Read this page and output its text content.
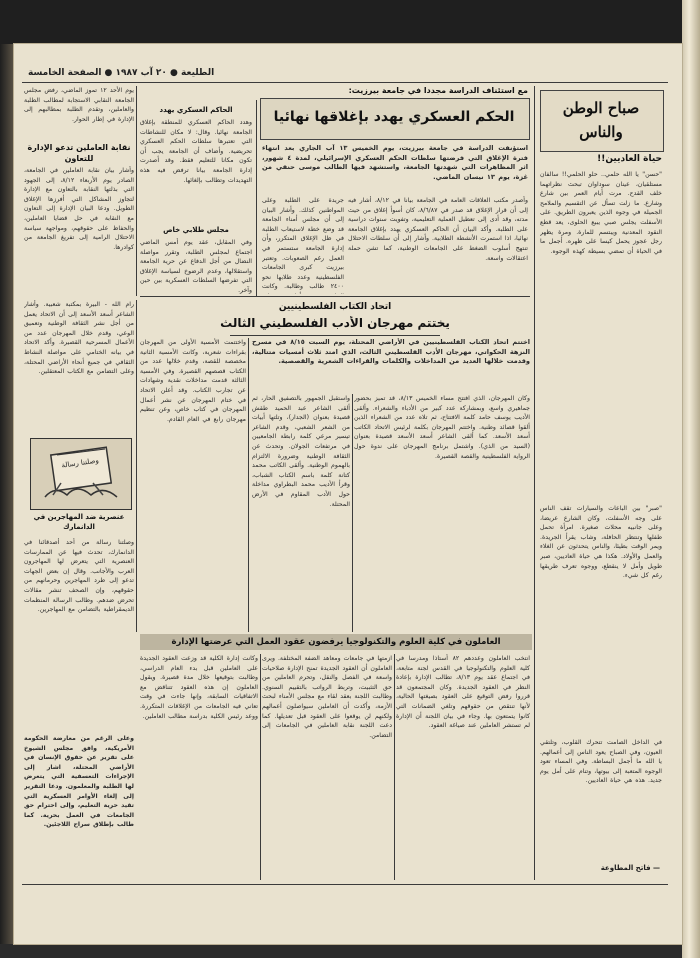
الطليعة ● ٢٠ آب ١٩٨٧ ● الصفحة الخامسة
يوم الأحد ١٢ تموز الماضي، رفض مجلس الجامعة النقابي الاستجابة لمطالب الطلبة والعاملين، وتقدم الطلبة بمطالبهم إلى الإدارة في إطار الحوار.
نقابة العاملين تدعو الإدارة للتعاون
وأشار بيان نقابة العاملين في الجامعة، الصادر يوم الأربعاء ٨/١٢، إلى الجهود التي بذلتها النقابة بالتعاون مع الإدارة لتجاوز المشاكل التي أفرزها الإغلاق الطويل. ودعا البيان الإدارة إلى التعاون مع النقابة في حل قضايا العاملين، والحفاظ على حقوقهم، ومواجهة سياسة الاحتلال الرامية إلى تفريغ الجامعة من كوادرها.
مع استئناف الدراسة مجددا في جامعة بيرزيت:
الحكم العسكري يهدد بإغلاقها نهائيا
استؤنفت الدراسة في جامعة بيرزيت، يوم الخميس ١٣ آب الجاري بعد انتهاء فترة الإغلاق التي فرضتها سلطات الحكم العسكري الإسرائيلي، لمدة ٤ شهور، اثر المظاهرات التي شهدتها الجامعة، واستشهد فيها الطالب موسى حنفي من غزة، يوم ١٣ نيسان الماضي.
وأصدر مكتب العلاقات العامة في الجامعة بيانا في ٨/١٢، أشار فيه إلى أن قرار الإغلاق قد صدر في ٨/٦/٨٧، كان أسوأ إغلاق من حيث مدته، وقد أدى إلى تعطيل العملية التعليمية، وتفويت سنوات دراسية على الطلبة. وأكد البيان أن الحاكم العسكري يهدد بإغلاق الجامعة نهائيا، اذا استمرت الأنشطة الطلابية. وأشار إلى أن سلطات الاحتلال تنتهج أسلوب الضغط على الجامعات الوطنية، كما تشن حملة اعتقالات واسعة.
جريدة على الطلبة وعلى المواطنين كذلك. وأشار البيان إلى أن مجلس أمناء الجامعة قد وضع خطة لاستيعاب الطلبة في ظل الإغلاق المتكرر، وأن إدارة الجامعة ستستمر في العمل رغم الصعوبات. وتعتبر بيرزيت كبرى الجامعات الفلسطينية وعدد طلابها نحو ٢٤٠٠ طالب وطالبة. وكانت
الحاكم العسكري يهدد
وهدد الحاكم العسكري للمنطقة بإغلاق الجامعة نهائيا. وقال: لا مكان للنشاطات التي تعتبرها سلطات الحكم العسكري تحريضية. وأضاف أن الجامعة يجب أن تكون مكانا للتعليم فقط. وقد أصدرت إدارة الجامعة بيانا ترفض فيه هذه التهديدات وتطالب بإلغائها.
مجلس طلابي خاص
وفي المقابل، عقد يوم أمس الماضي اجتماع لمجلس الطلبة، وتقرر مواصلة النضال من أجل الدفاع عن حرية الجامعة واستقلالها، وعدم الرضوخ لسياسة الإغلاق التي تفرضها السلطات العسكرية بين حين وآخر.
اتحاد الكتاب الفلسطينيين
يختتم مهرجان الأدب الفلسطيني الثالث
اختتم اتحاد الكتاب الفلسطينيين في الأراضي المحتلة، يوم السبت ٨/١٥ في مسرح النزهة الحكواتي، مهرجان الأدب الفلسطيني الثالث، الذي امتد ثلاث أمسيات متتالية، وقدمت خلالها العديد من المداخلات والكلمات والقراءات الشعرية والقصصية.
وكان المهرجان، الذي افتتح مساء الخميس ٨/١٣، قد تميز بحضور جماهيري واسع، وبمشاركة عدد كبير من الأدباء والشعراء. وألقى الأديب يوسف حامد كلمة الافتتاح، ثم تلاه عدد من الشعراء الذين ألقوا قصائد وطنية. واختتم المهرجان بكلمة لرئيس الاتحاد الكاتب أسعد الأسعد. كما ألقى الشاعر أسعد الأسعد قصيدة بعنوان (السيد من الذي). واشتمل برنامج المهرجان على ندوة حول الرواية الفلسطينية والقصة القصيرة.
واستقبل الجمهور بالتصفيق الحار، ثم ألقى الشاعر عبد الحميد طقش قصيدة بعنوان (الجدار)، وتلتها أبيات من الشعر الشعبي، وقدم الشاعر تيسير مرعي كلمة رابطة الجامعيين في مرتفعات الجولان. وتحدث عن الثقافة الوطنية وضرورة الالتزام بالهموم الوطنية. وألقى الكاتب محمد كتانة كلمة باسم الكتاب الشباب، وقرأ الأديب محمد البطراوي مداخلة حول الأدب المقاوم في الأرض المحتلة.
واختتمت الأمسية الأولى من المهرجان بقراءات شعرية، وكانت الأمسية الثانية مخصصة للقصة، وقدم خلالها عدد من الكتاب قصصهم القصيرة. وفي الأمسية الثالثة قدمت مداخلات نقدية وشهادات عن تجارب الكتاب. وقد أعلن الاتحاد في ختام المهرجان عن نشر أعمال المهرجان في كتاب خاص، وعن تنظيم مهرجان رابع في العام القادم.
رام الله - البيرة بمكتبة شعبية. وأشار الشاعر أسعد الأسعد إلى أن الاتحاد يعمل من أجل نشر الثقافة الوطنية وتعميق الوعي، وقدم خلال المهرجان عدد من الأعمال المسرحية القصيرة. وأكد الاتحاد في بيانه الختامي على مواصلة النشاط الثقافي في جميع أنحاء الأراضي المحتلة، وعلى التضامن مع الكتاب المعتقلين.
وصلتنا رسالة
عنصرية ضد المهاجرين في الدانمارك
وصلتنا رسالة من أحد أصدقائنا في الدانمارك، تحدث فيها عن الممارسات العنصرية التي يتعرض لها المهاجرون العرب والأجانب. وقال إن بعض الجهات تدعو إلى طرد المهاجرين وحرمانهم من حقوقهم، وإن الصحف تنشر مقالات تحرض ضدهم. وطالب الرسالة المنظمات الديمقراطية بالتضامن مع المهاجرين.
العاملون في كلية العلوم والتكنولوجيا يرفضون عقود العمل التي عرضتها الإدارة
انتخب العاملون وعددهم ٨٢ أستاذا ومدرسا في كلية العلوم والتكنولوجيا في القدس لجنة متابعة، في اجتماع عقد يوم ٨/١٣، تطالب الإدارة بإعادة النظر في العقود الجديدة. وكان المجتمعون قد قرروا رفض التوقيع على العقود بصيغتها الحالية، لأنها تنتقص من حقوقهم وتلغي الضمانات التي كانوا يتمتعون بها. وجاء في بيان اللجنة أن الإدارة لم تستشر العاملين عند صياغة العقود.
ازمتها في جامعات ومعاهد الضفة المختلفة. ويرى العاملون أن العقود الجديدة تمنح الإدارة صلاحيات واسعة في الفصل والنقل، وتحرم العاملين من حق التثبيت، وتربط الرواتب بالتقييم السنوي. وطالبت اللجنة بعقد لقاء مع مجلس الأمناء لبحث الأزمة، وأكدت أن العاملين سيواصلون أعمالهم ولكنهم لن يوقعوا على العقود قبل تعديلها. كما دعت اللجنة نقابة العاملين في الجامعات إلى التضامن.
وكانت إدارة الكلية قد وزعت العقود الجديدة على العاملين قبل بدء العام الدراسي، وطالبت بتوقيعها خلال مدة قصيرة. ويقول العاملون إن هذه العقود تتناقض مع الاتفاقيات السابقة، وإنها جاءت في وقت تعاني فيه الجامعات من الإغلاقات المتكررة. ووعد رئيس الكلية بدراسة مطالب العاملين.
وعلى الرغم من معارضة الحكومة الأمريكية، وافق مجلس الشيوخ على تقرير عن حقوق الإنسان في الأراضي المحتلة، اشار إلى الإجراءات التعسفية التي يتعرض لها الطلبة والمعلمون. ودعا التقرير إلى إلغاء الأوامر العسكرية التي تقيد حرية التعليم، وإلى احترام حق الجامعات في العمل بحرية. كما طالب بإطلاق سراح اللاجئين.
صباح الوطن والناس
حياة العاديين!!
"حسن" يا الله حلمي.. حلو الحلمي!! سالفان مستلقيان، عينان سوداوان تبحث نظراتهما خلف القدح. مرت أيام العمر بين شارع وشارع. ما زلت تسأل عن التقسيم والملامح الجميلة في وجوه الذين يعبرون الطريق. على الأسفلت يجلس صبي يبيع الحلوى، يعد قطع النقود المعدنية ويبتسم للمارة. ومرة يظهر رجل عجوز يحمل كيسا على ظهره. أجمل ما في الحياة أن تمضي بسيطة كهذه الوجوه.
"صبر" بين الباعات والسيارات تقف الناس على وجه الأسفلت، وكان الشارع عريضا، وعلى جانبيه محلات صغيرة. امرأة تحمل طفلها وتنتظر الحافلة، وشاب يقرأ الجريدة. ويمر الوقت بطيئا، والناس يتحدثون عن الغلاء والعمل والأولاد. هكذا هي حياة العاديين، صبر طويل وأمل لا ينقطع، ووجوه تعرف طريقها رغم كل شيء.
في الداخل الصامت تتحرك القلوب، وتلتقي العيون، وفي الصباح يعود الناس إلى أعمالهم. يا الله ما أجمل البساطة. وفي المساء تعود الوجوه المتعبة إلى بيوتها، وتنام على أمل يوم جديد. هذه هي حياة العاديين.
— فاتح المطاوعة
